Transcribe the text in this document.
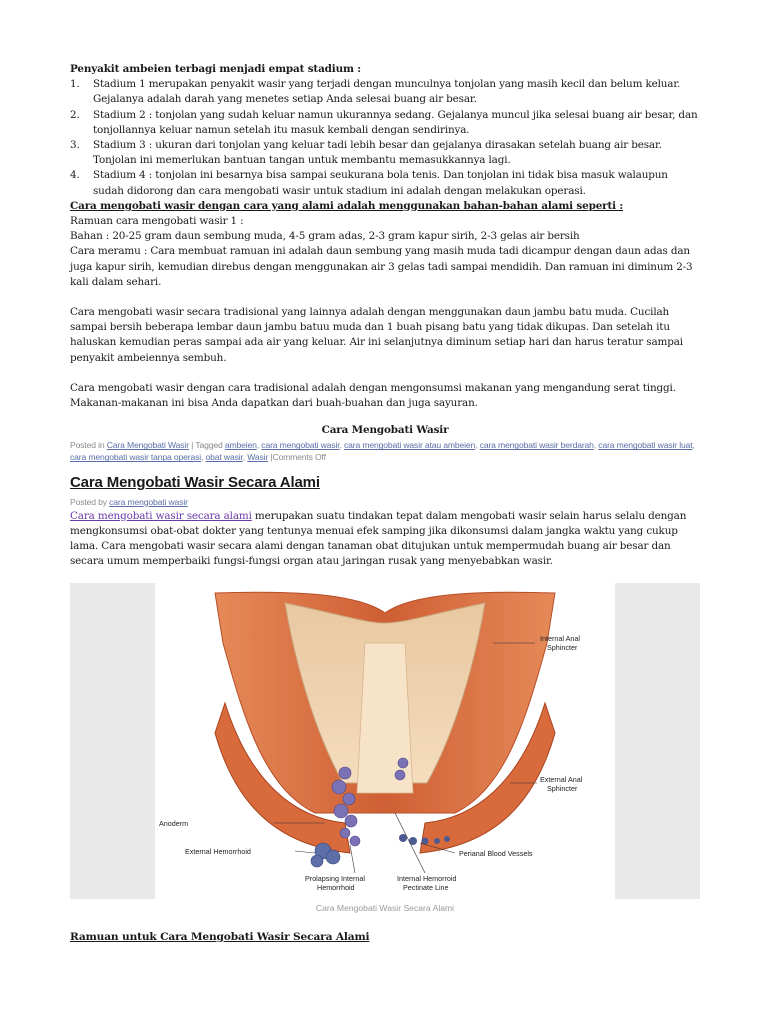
Penyakit ambeien terbagi menjadi empat stadium :

1. Stadium 1 merupakan penyakit wasir yang terjadi dengan munculnya tonjolan yang masih kecil dan belum keluar. Gejalanya adalah darah yang menetes setiap Anda selesai buang air besar.
2. Stadium 2 : tonjolan yang sudah keluar namun ukurannya sedang. Gejalanya muncul jika selesai buang air besar, dan tonjollannya keluar namun setelah itu masuk kembali dengan sendirinya.
3. Stadium 3 : ukuran dari tonjolan yang keluar tadi lebih besar dan gejalanya dirasakan setelah buang air besar. Tonjolan ini memerlukan bantuan tangan untuk membantu memasukkannya lagi.
4. Stadium 4 : tonjolan ini besarnya bisa sampai seukurana bola tenis. Dan tonjolan ini tidak bisa masuk walaupun sudah didorong dan cara mengobati wasir untuk stadium ini adalah dengan melakukan operasi.

Cara mengobati wasir dengan cara yang alami adalah menggunakan bahan-bahan alami seperti :

Ramuan cara mengobati wasir 1 :

Bahan : 20-25 gram daun sembung muda, 4-5 gram adas, 2-3 gram kapur sirih, 2-3 gelas air bersih

Cara meramu : Cara membuat ramuan ini adalah daun sembung yang masih muda tadi dicampur dengan daun adas dan juga kapur sirih, kemudian direbus dengan menggunakan air 3 gelas tadi sampai mendidih. Dan ramuan ini diminum 2-3 kali dalam sehari.

Cara mengobati wasir secara tradisional yang lainnya adalah dengan menggunakan daun jambu batu muda. Cucilah sampai bersih beberapa lembar daun jambu batuu muda dan 1 buah pisang batu yang tidak dikupas. Dan setelah itu haluskan kemudian peras sampai ada air yang keluar. Air ini selanjutnya diminum setiap hari dan harus teratur sampai penyakit ambeiennya sembuh.

Cara mengobati wasir dengan cara tradisional adalah dengan mengonsumsi makanan yang mengandung serat tinggi. Makanan-makanan ini bisa Anda dapatkan dari buah-buahan dan juga sayuran.

Cara Mengobati Wasir

Posted in Cara Mengobati Wasir | Tagged ambeien, cara mengobati wasir, cara mengobati wasir atau ambeien, cara mengobati wasir berdarah, cara mengobati wasir luat, cara mengobati wasir tanpa operasi, obat wasir, Wasir |Comments Off

Cara Mengobati Wasir Secara Alami

Posted by cara mengobati wasir

Cara mengobati wasir secara alami merupakan suatu tindakan tepat dalam mengobati wasir selain harus selalu dengan mengkonsumsi obat-obat dokter yang tentunya menuai efek samping jika dikonsumsi dalam jangka waktu yang cukup lama. Cara mengobati wasir secara alami dengan tanaman obat ditujukan untuk mempermudah buang air besar dan secara umum memperbaiki fungsi-fungsi organ atau jaringan rusak yang menyebabkan wasir.

Internal Anal
Sphincter
External Anal
Sphincter
Anoderm
External Hemorrhoid	Perianal Blood Vessels
Prolapsing Internal
Hemorrhoid
Internal Hemorroid
Pectinate Line
Cara Mengobati Wasir Secara Alami

Ramuan untuk Cara Mengobati Wasir Secara Alami
